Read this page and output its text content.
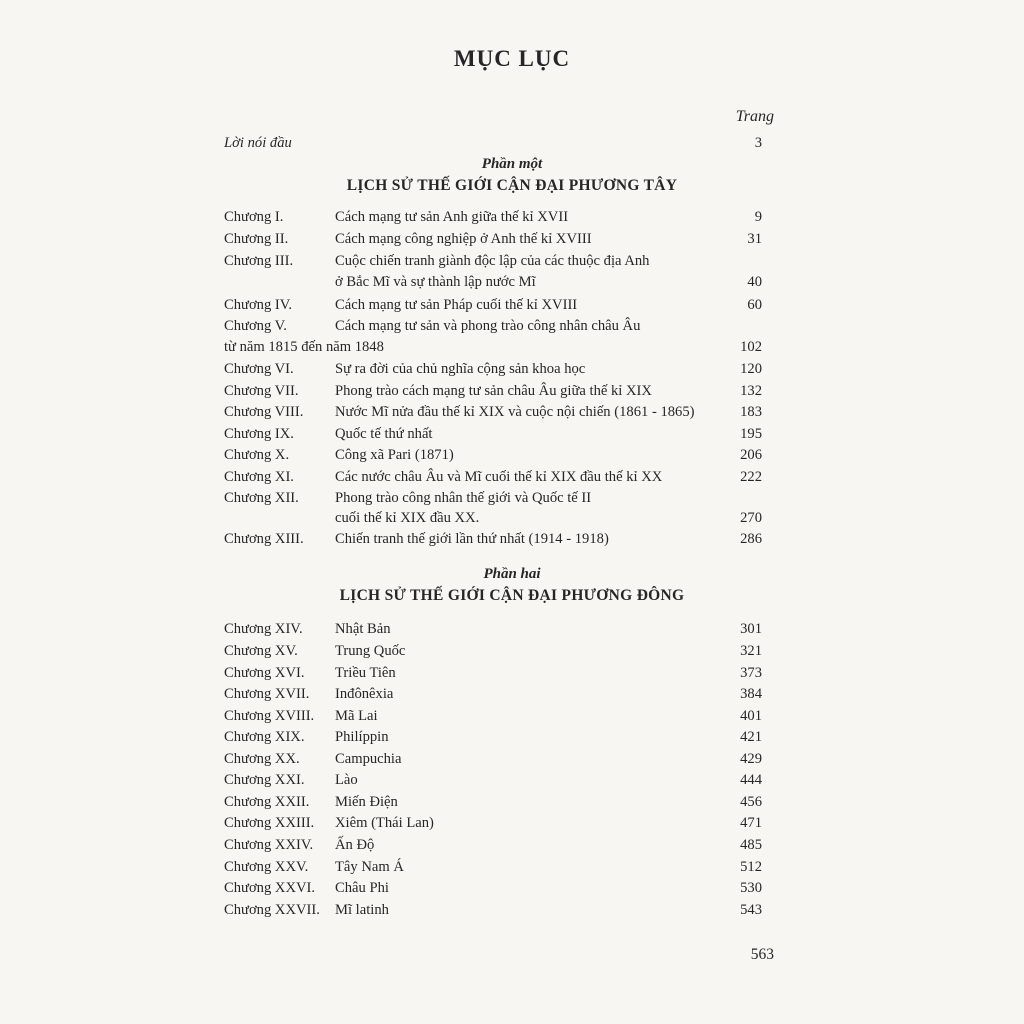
MỤC LỤC
Trang
Lời nói đầu	3
Phần một
LỊCH SỬ THẾ GIỚI CẬN ĐẠI PHƯƠNG TÂY
Chương I.	Cách mạng tư sản Anh giữa thế kỉ XVII	9
Chương II.	Cách mạng công nghiệp ở Anh thế kỉ XVIII	31
Chương III.	Cuộc chiến tranh giành độc lập của các thuộc địa Anh
ở Bắc Mĩ và sự thành lập nước Mĩ	40
Chương IV.	Cách mạng tư sản Pháp cuối thế kỉ XVIII	60
Chương V.	Cách mạng tư sản và phong trào công nhân châu Âu
từ năm 1815 đến năm 1848	102
Chương VI.	Sự ra đời của chủ nghĩa cộng sản khoa học	120
Chương VII. Phong trào cách mạng tư sản châu Âu giữa thế kỉ XIX	132
Chương VIII. Nước Mĩ nửa đầu thế kỉ XIX và cuộc nội chiến (1861 - 1865)	183
Chương IX.	Quốc tế thứ nhất	195
Chương X.	Công xã Pari (1871)	206
Chương XI.	Các nước châu Âu và Mĩ cuối thế kỉ XIX đầu thế kỉ XX	222
Chương XII. Phong trào công nhân thế giới và Quốc tế II
cuối thế kỉ XIX đầu XX.	270
Chương XIII. Chiến tranh thế giới lần thứ nhất (1914 - 1918)	286
Phần hai
LỊCH SỬ THẾ GIỚI CẬN ĐẠI PHƯƠNG ĐÔNG
Chương XIV. Nhật Bản	301
Chương XV.	Trung Quốc	321
Chương XVI. Triều Tiên	373
Chương XVII. Inđônêxia	384
Chương XVIII. Mã Lai	401
Chương XIX. Philíppin	421
Chương XX. Campuchia	429
Chương XXI. Lào	444
Chương XXII. Miến Điện	456
Chương XXIII. Xiêm (Thái Lan)	471
Chương XXIV. Ấn Độ	485
Chương XXV. Tây Nam Á	512
Chương XXVI. Châu Phi	530
Chương XXVII. Mĩ latinh	543
563
